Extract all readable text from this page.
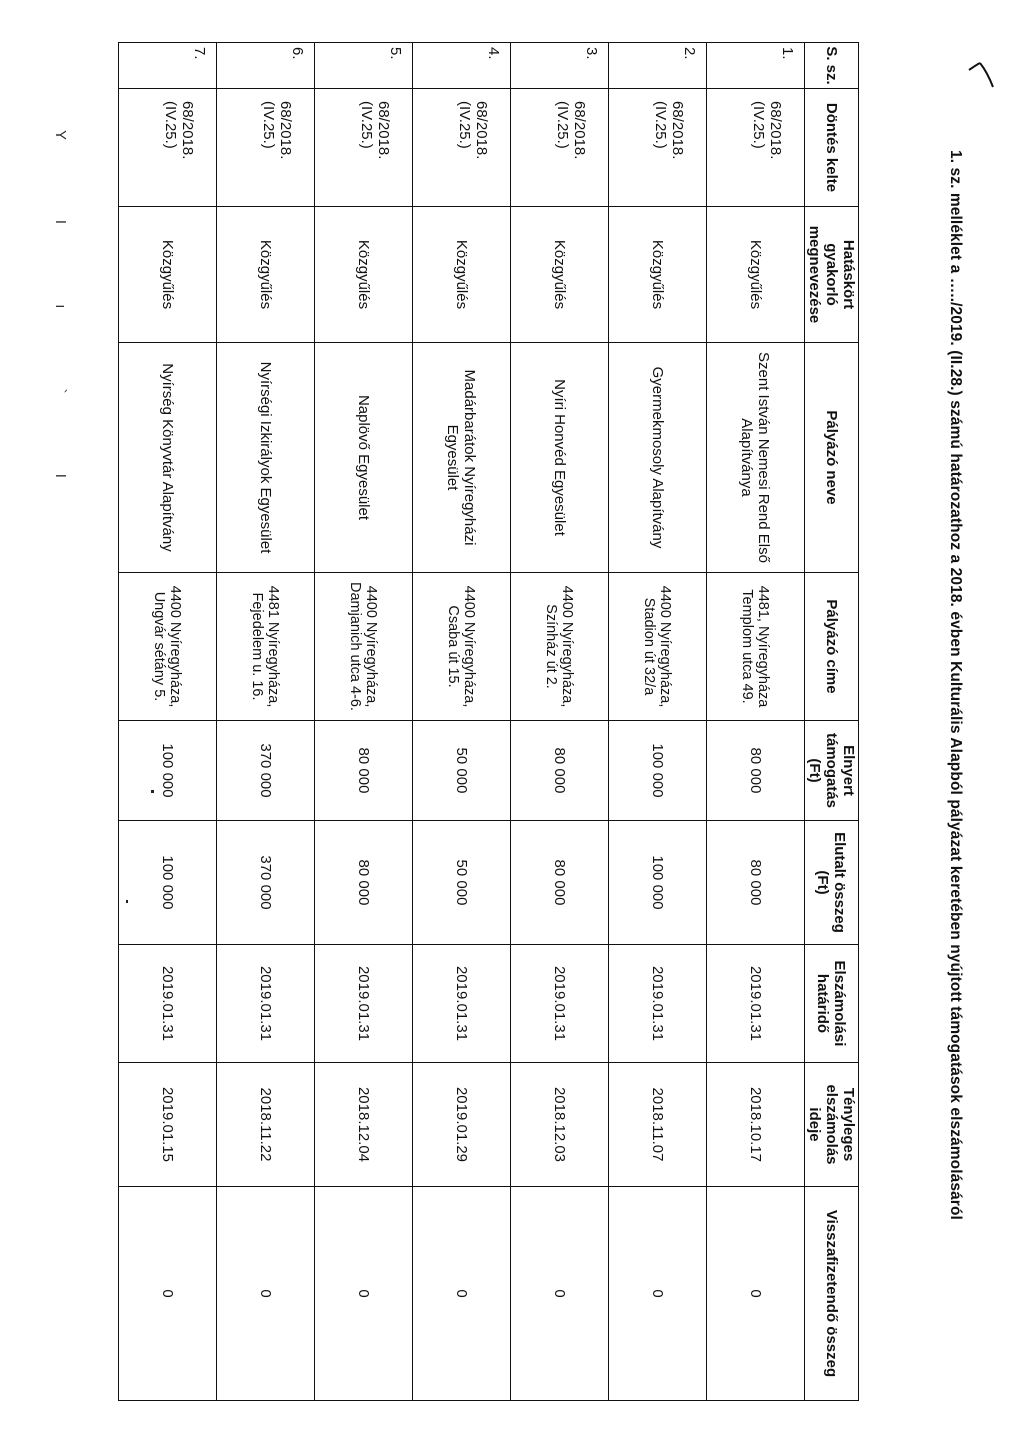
1. sz. melléklet a …../2019. (II.28.) számú határozathoz a 2018. évben Kulturális Alapból pályázat keretében nyújtott támogatások elszámolásáról
S. sz.	Döntés kelte	Hatáskört gyakorló megnevezése	Pályázó neve	Pályázó címe	Elnyert támogatás (Ft)	Elutalt összeg (Ft)	Elszámolási határidő	Tényleges elszámolás ideje	Visszafizetendő összeg
1.	68/2018. (IV.25.)	Közgyűlés	Szent István Nemesi Rend Első Alapítványa	4481, Nyíregyháza Templom utca 49.	80 000	80 000	2019.01.31	2018.10.17	0
2.	68/2018. (IV.25.)	Közgyűlés	Gyermekmosoly Alapítvány	4400 Nyíregyháza, Stadion út 32/a	100 000	100 000	2019.01.31	2018.11.07	0
3.	68/2018. (IV.25.)	Közgyűlés	Nyíri Honvéd Egyesület	4400 Nyíregyháza, Színház út 2.	80 000	80 000	2019.01.31	2018.12.03	0
4.	68/2018. (IV.25.)	Közgyűlés	Madárbarátok Nyíregyházi Egyesület	4400 Nyíregyháza, Csaba út 15.	50 000	50 000	2019.01.31	2019.01.29	0
5.	68/2018. (IV.25.)	Közgyűlés	Naplövő Egyesület	4400 Nyíregyháza, Damjanich utca 4-6.	80 000	80 000	2019.01.31	2018.12.04	0
6.	68/2018. (IV.25.)	Közgyűlés	Nyírségi Izkirályok Egyesület	4481 Nyíregyháza, Fejedelem u. 16.	370 000	370 000	2019.01.31	2018.11.22	0
7.	68/2018. (IV.25.)	Közgyűlés	Nyírség Könyvtár Alapítvány	4400 Nyíregyháza, Ungvár sétány 5.	100 000	100 000	2019.01.31	2019.01.15	0
Y I ı ` I
